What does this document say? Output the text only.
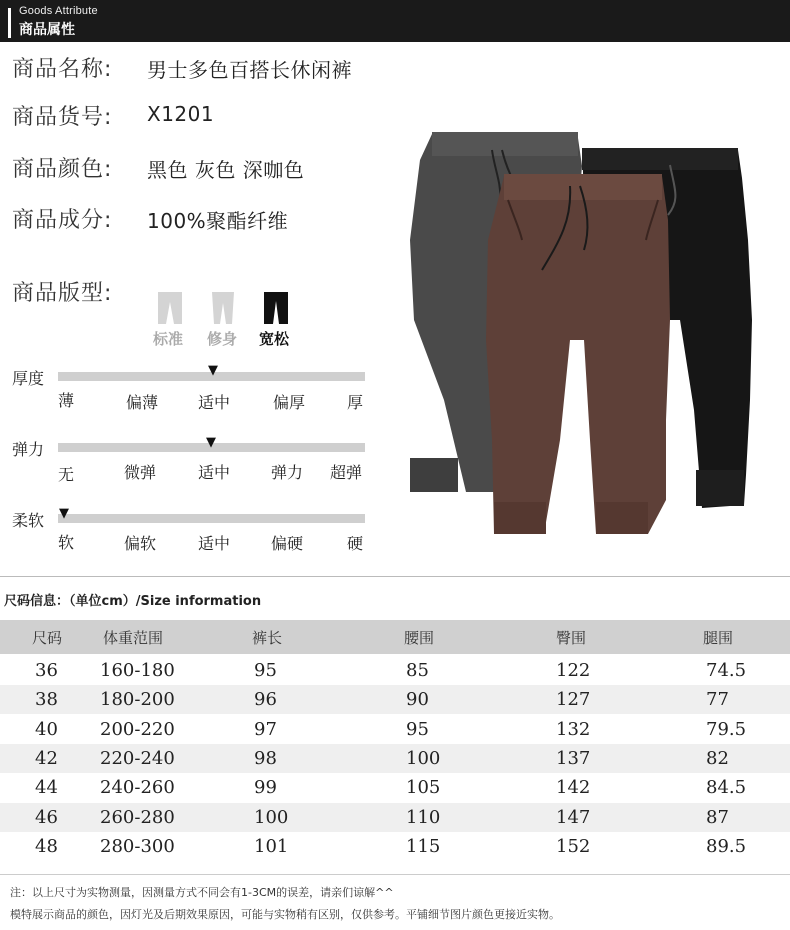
Goods Attribute
商品属性
商品名称: 男士多色百搭长休闲裤
商品货号: X1201
商品颜色: 黑色 灰色 深咖色
商品成分: 100%聚酯纤维
商品版型:
标准 修身 宽松
厚度	▼
薄	偏薄 适中	偏厚	厚
弹力	▼
无	微弹	适中	弹力 超弹
柔软 ▼
软	偏软	适中	偏硬	硬
尺码信息：（单位cm）/Size information
尺码	体重范围	裤长	腰围	臀围	腿围
36 160-180	95	85	122	74.5
38 180-200	96	90	127	77
40 200-220	97	95	132	79.5
42 220-240	98	100	137	82
44 240-260	99	105	142	84.5
46 260-280	100	110	147	87
48 280-300	101	115	152	89.5
注：以上尺寸为实物测量，因测量方式不同会有1-3CM的误差，请亲们谅解^^
模特展示商品的颜色，因灯光及后期效果原因，可能与实物稍有区别，仅供参考。平铺细节图片颜色更接近实物。
